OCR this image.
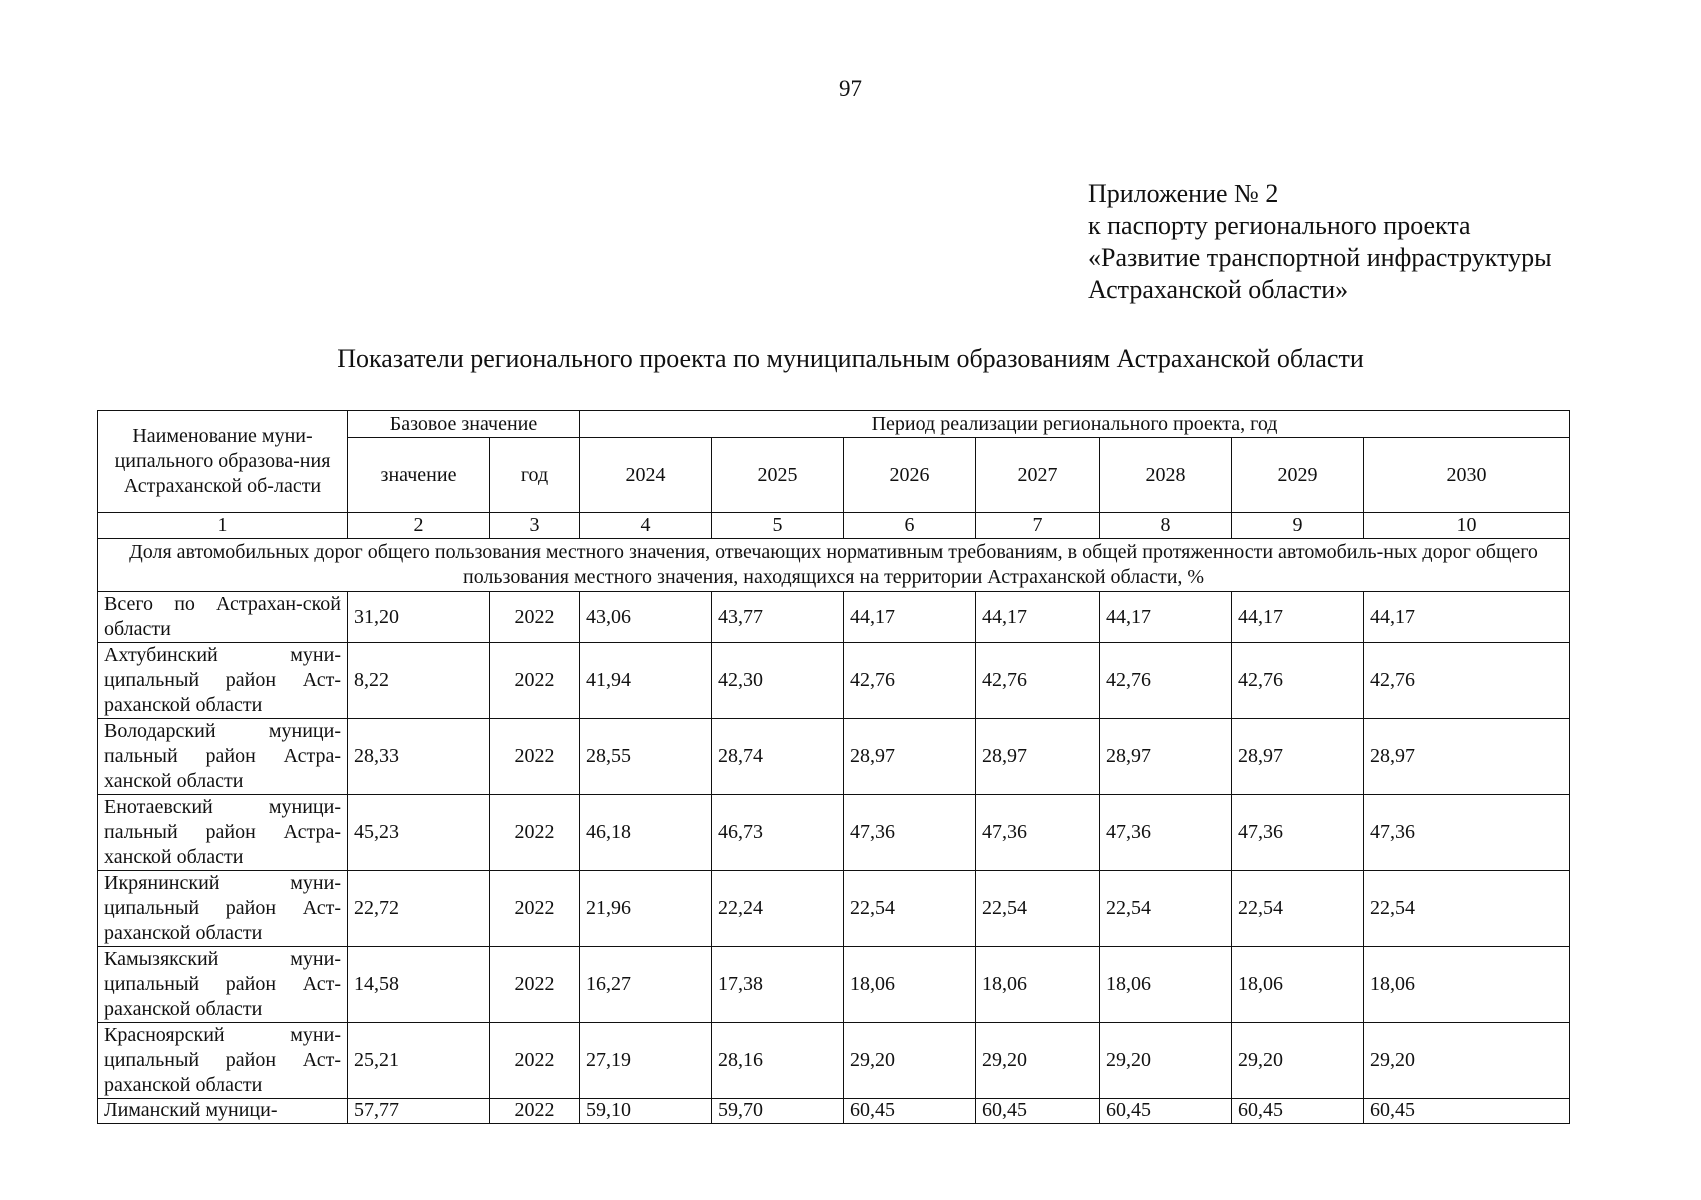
97
Приложение № 2
к паспорту регионального проекта
«Развитие транспортной инфраструктуры
Астраханской области»
Показатели регионального проекта по муниципальным образованиям Астраханской области
Наименование муни-ципального образова-ния Астраханской об-ласти	Базовое значение		Период реализации регионального проекта, год						
	значение	год	2024	2025	2026	2027	2028	2029	2030
1	2	3	4	5	6	7	8	9	10
Доля автомобильных дорог общего пользования местного значения, отвечающих нормативным требованиям, в общей протяженности автомобиль-ных дорог общего пользования местного значения, находящихся на территории Астраханской области, %									
Всего по Астрахан-ской области	31,20	2022	43,06	43,77	44,17	44,17	44,17	44,17	44,17
Ахтубинский муни-ципальный район Аст-раханской области	8,22	2022	41,94	42,30	42,76	42,76	42,76	42,76	42,76
Володарский муници-пальный район Астра-ханской области	28,33	2022	28,55	28,74	28,97	28,97	28,97	28,97	28,97
Енотаевский муници-пальный район Астра-ханской области	45,23	2022	46,18	46,73	47,36	47,36	47,36	47,36	47,36
Икрянинский муни-ципальный район Аст-раханской области	22,72	2022	21,96	22,24	22,54	22,54	22,54	22,54	22,54
Камызякский муни-ципальный район Аст-раханской области	14,58	2022	16,27	17,38	18,06	18,06	18,06	18,06	18,06
Красноярский муни-ципальный район Аст-раханской области	25,21	2022	27,19	28,16	29,20	29,20	29,20	29,20	29,20
Лиманский муници-	57,77	2022	59,10	59,70	60,45	60,45	60,45	60,45	60,45
